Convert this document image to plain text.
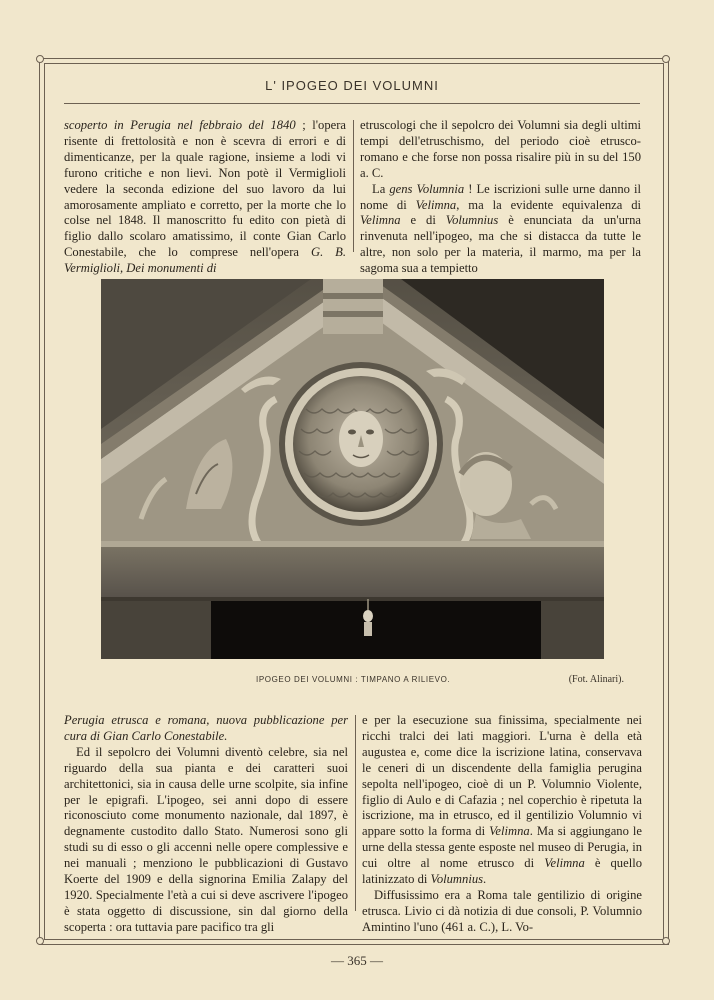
L' IPOGEO DEI VOLUMNI

scoperto in Perugia nel febbraio del 1840 ; l'opera risente di frettolosità e non è scevra di errori e di dimenticanze, per la quale ragione, insieme a lodi vi furono critiche e non lievi. Non potè il Vermiglioli vedere la seconda edizione del suo lavoro da lui amorosamente ampliato e corretto, per la morte che lo colse nel 1848. Il manoscritto fu edito con pietà di figlio dallo scolaro amatissimo, il conte Gian Carlo Conestabile, che lo comprese nell'opera G. B. Vermiglioli, Dei monumenti di

etruscologi che il sepolcro dei Volumni sia degli ultimi tempi dell'etruschismo, del periodo cioè etrusco-romano e che forse non possa risalire più in su del 150 a. C.

La gens Volumnia ! Le iscrizioni sulle urne danno il nome di Velimna, ma la evidente equivalenza di Velimna e di Volumnius è enunciata da un'urna rinvenuta nell'ipogeo, ma che si distacca da tutte le altre, non solo per la materia, il marmo, ma per la sagoma sua a tempietto

IPOGEO DEI VOLUMNI : TIMPANO A RILIEVO.	(Fot. Alinari).

Perugia etrusca e romana, nuova pubblicazione per cura di Gian Carlo Conestabile.

Ed il sepolcro dei Volumni diventò celebre, sia nel riguardo della sua pianta e dei caratteri suoi architettonici, sia in causa delle urne scolpite, sia infine per le epigrafi. L'ipogeo, sei anni dopo di essere riconosciuto come monumento nazionale, dal 1897, è degnamente custodito dallo Stato. Numerosi sono gli studi su di esso o gli accenni nelle opere complessive e nei manuali ; menziono le pubblicazioni di Gustavo Koerte del 1909 e della signorina Emilia Zalapy del 1920. Specialmente l'età a cui si deve ascrivere l'ipogeo è stata oggetto di discussione, sin dal giorno della scoperta : ora tuttavia pare pacifico tra gli

e per la esecuzione sua finissima, specialmente nei ricchi tralci dei lati maggiori. L'urna è della età augustea e, come dice la iscrizione latina, conservava le ceneri di un discendente della famiglia perugina sepolta nell'ipogeo, cioè di un P. Volumnio Violente, figlio di Aulo e di Cafazia ; nel coperchio è ripetuta la iscrizione, ma in etrusco, ed il gentilizio Volumnio vi appare sotto la forma di Velimna. Ma si aggiungano le urne della stessa gente esposte nel museo di Perugia, in cui oltre al nome etrusco di Velimna è quello latinizzato di Volumnius.

Diffusissimo era a Roma tale gentilizio di origine etrusca. Livio ci dà notizia di due consoli, P. Volumnio Amintino l'uno (461 a. C.), L. Vo-

— 365 —
